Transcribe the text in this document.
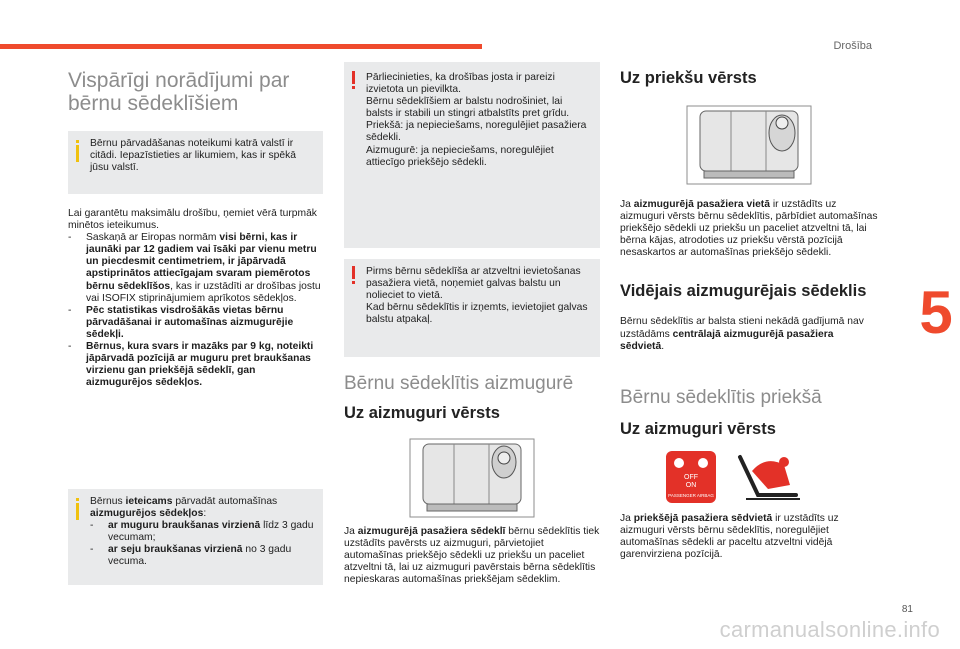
Drošība
5
81
carmanualsonline.info
Vispārīgi norādījumi par bērnu sēdeklīšiem

Bērnu pārvadāšanas noteikumi katrā valstī ir citādi. Iepazīstieties ar likumiem, kas ir spēkā jūsu valstī.

Lai garantētu maksimālu drošību, ņemiet vērā turpmāk minētos ieteikumus.

-	Saskaņā ar Eiropas normām visi bērni, kas ir jaunāki par 12 gadiem vai īsāki par vienu metru un piecdesmit centimetriem, ir jāpārvadā apstiprinātos attiecīgajam svaram piemērotos bērnu sēdeklīšos, kas ir uzstādīti ar drošības jostu vai ISOFIX stiprinājumiem aprīkotos sēdekļos.
-	Pēc statistikas visdrošākās vietas bērnu pārvadāšanai ir automašīnas aizmugurējie sēdekļi.
-	Bērnus, kura svars ir mazāks par 9 kg, noteikti jāpārvadā pozīcijā ar muguru pret braukšanas virzienu gan priekšējā sēdeklī, gan aizmugurējos sēdekļos.

Bērnus ieteicams pārvadāt automašīnas aizmugurējos sēdekļos:

-	ar muguru braukšanas virzienā līdz 3 gadu vecumam;
-	ar seju braukšanas virzienā no 3 gadu vecuma.

Pārliecinieties, ka drošības josta ir pareizi izvietota un pievilkta.
Bērnu sēdeklīšiem ar balstu nodrošiniet, lai balsts ir stabili un stingri atbalstīts pret grīdu.
Priekšā: ja nepieciešams, noregulējiet pasažiera sēdekli.
Aizmugurē: ja nepieciešams, noregulējiet attiecīgo priekšējo sēdekli.

Pirms bērnu sēdeklīša ar atzveltni ievietošanas pasažiera vietā, noņemiet galvas balstu un nolieciet to vietā.
Kad bērnu sēdeklītis ir izņemts, ievietojiet galvas balstu atpakaļ.

Bērnu sēdeklītis aizmugurē
Uz aizmuguri vērsts

Ja aizmugurējā pasažiera sēdeklī bērnu sēdeklītis tiek uzstādīts pavērsts uz aizmuguri, pārvietojiet automašīnas priekšējo sēdekli uz priekšu un paceliet atzveltni tā, lai uz aizmuguri pavērstais bērna sēdeklītis nepieskaras automašīnas priekšējam sēdeklim.

Uz priekšu vērsts

Ja aizmugurējā pasažiera vietā ir uzstādīts uz aizmuguri vērsts bērnu sēdeklītis, pārbīdiet automašīnas priekšējo sēdekli uz priekšu un paceliet atzveltni tā, lai bērna kājas, atrodoties uz priekšu vērstā pozīcijā nesaskartos ar automašīnas priekšējo sēdekli.

Vidējais aizmugurējais sēdeklis

Bērnu sēdeklītis ar balsta stieni nekādā gadījumā nav uzstādāms centrālajā aizmugurējā pasažiera sēdvietā.

Bērnu sēdeklītis priekšā
Uz aizmuguri vērsts
OFF
ON
PASSENGER AIRBAG

Ja priekšējā pasažiera sēdvietā ir uzstādīts uz aizmuguri vērsts bērnu sēdeklītis, noregulējiet automašīnas sēdekli ar paceltu atzveltni vidējā garenvirziena pozīcijā.
